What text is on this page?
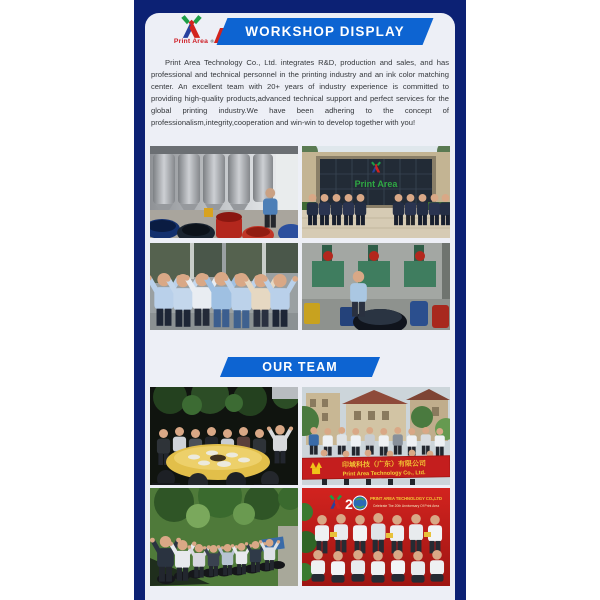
Print Area ®
WORKSHOP DISPLAY

Print Area Technology Co., Ltd. integrates R&D, production and sales, and has professional and technical personnel in the printing industry and an ink color matching center. An excellent team with 20+ years of industry experience is committed to providing high-quality products,advanced technical support and perfect services for the global printing industry.We have been adhering to the concept of professionalism,integrity,cooperation and win-win to develop together with you!

Print Area
OUR TEAM
印域科技（广东）有限公司
Print Area Technology Co., Ltd.
2	PRINT AREA TECHNOLOGY CO.,LTD
Celebrate The 20th Anniversary Of Print Area
